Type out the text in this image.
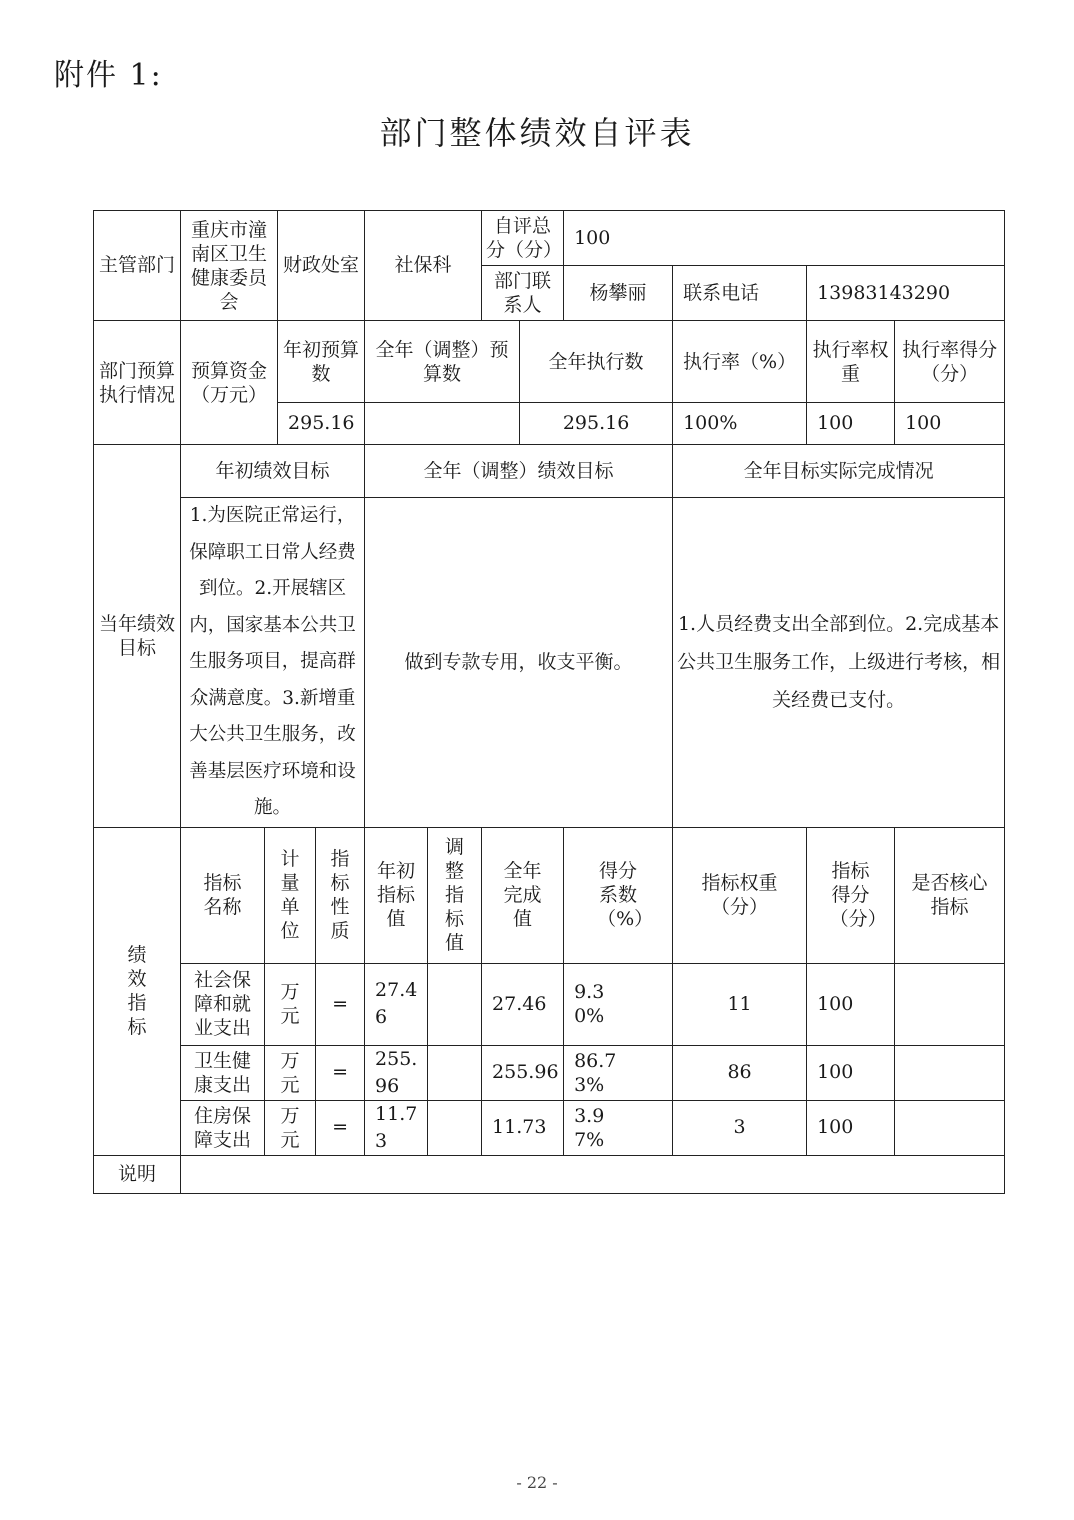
附件 1:
部门整体绩效自评表
主管部门	重庆市潼南区卫生健康委员会		财政处室		社保科		自评总分（分）		100			
							部门联系人		杨攀丽	联系电话	13983143290	
部门预算执行情况	预算资金（万元）		年初预算数		全年（调整）预算数			全年执行数		执行率（%）	执行率权重	执行率得分（分）
			295.16					295.16		100%	100	100
当年绩效目标	年初绩效目标				全年（调整）绩效目标					全年目标实际完成情况		
	1.为医院正常运行，保障职工日常人经费到位。2.开展辖区内，国家基本公共卫 生服务项目，提高群 众满意度。3.新增重大公共卫生服务，改善基层医疗环境和设施。				做到专款专用，收支平衡。					1.人员经费支出全部到位。2.完成基本公共卫生服务工作，上级进行考核，相关经费已支付。		

绩效指标	指标名称	计量单位		指标性质	年初指标值	调整指标值	全年完成值		得分系数（%）	指标权重（分）	指标得分（分）	是否核心指标

	社会保障和就业支出	万元		=	27.46		27.46		9.30%	11	100	

	卫生健康支出	万元		=	255.96		255.96		86.73%	86	100	

	住房保障支出	万元		=	11.73		11.73		3.97%	3	100	
说明												
- 22 -
